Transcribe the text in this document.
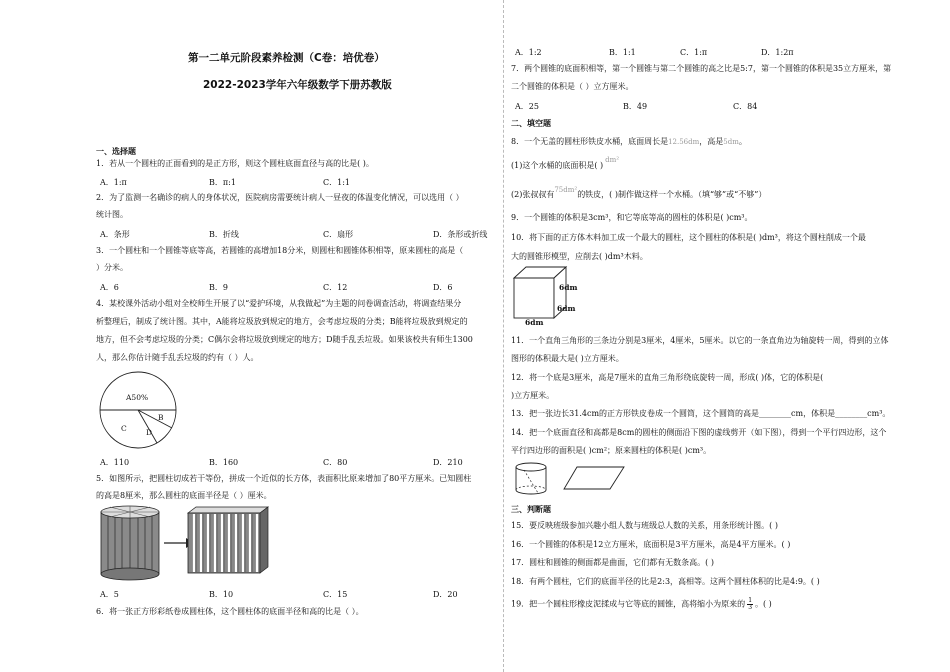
第一二单元阶段素养检测（C卷：培优卷）
2022-2023学年六年级数学下册苏教版
一、选择题
1．若从一个圆柱的正面看到的是正方形，则这个圆柱底面直径与高的比是( )。
A．1:π	B．π:1	C．1:1
2．为了监测一名确诊的病人的身体状况，医院病房需要统计病人一昼夜的体温变化情况，可以选用（ ）
统计图。
A．条形	B．折线	C．扇形	D．条形或折线
3．一个圆柱和一个圆锥等底等高，若圆锥的高增加18分米，则圆柱和圆锥体积相等，原来圆柱的高是（
）分米。
A．6	B．9	C．12	D．6
4．某校课外活动小组对全校师生开展了以“爱护环境，从我做起”为主题的问卷调查活动，将调查结果分
析整理后，制成了统计图。其中，A能将垃圾放到规定的地方，会考虑垃圾的分类；B能将垃圾放到规定的
地方，但不会考虑垃圾的分类；C偶尔会将垃圾放到规定的地方；D随手乱丢垃圾。如果该校共有师生1300
人，那么你估计随手乱丢垃圾的约有（ ）人。
A50%
B
C	D
A．110	B．160	C．80	D．210
5．如图所示，把圆柱切成若干等份，拼成一个近似的长方体，表面积比原来增加了80平方厘米。已知圆柱
的高是8厘米，那么圆柱的底面半径是（ ）厘米。
A．5	B．10	C．15	D．20
6．将一张正方形彩纸卷成圆柱体，这个圆柱体的底面半径和高的比是（ ）。
A．1:2	B．1:1	C．1:π	D．1:2π
7．两个圆锥的底面积相等，第一个圆锥与第二个圆锥的高之比是5:7，第一个圆锥的体积是35立方厘米，第
二个圆锥的体积是（ ）立方厘米。
A．25	B．49	C．84
二、填空题
8．一个无盖的圆柱形铁皮水桶，底面周长是12.56dm，高是5dm。
(1)这个水桶的底面积是( )dm²
(2)张叔叔有75dm²的铁皮，( )制作做这样一个水桶。（填“够”或“不够”）
9．一个圆锥的体积是3cm³，和它等底等高的圆柱的体积是( )cm³。
10．将下面的正方体木料加工成一个最大的圆柱，这个圆柱的体积是( )dm³，将这个圆柱削成一个最
大的圆锥形模型，应削去( )dm³木料。
6dm
6dm
6dm
11．一个直角三角形的三条边分别是3厘米，4厘米，5厘米。以它的一条直角边为轴旋转一周，得到的立体
图形的体积最大是( )立方厘米。
12．将一个底是3厘米，高是7厘米的直角三角形绕底旋转一周，形成( )体，它的体积是(
)立方厘米。
13．把一张边长31.4cm的正方形铁皮卷成一个圆筒，这个圆筒的高是________cm，体积是________cm³。
14．把一个底面直径和高都是8cm的圆柱的侧面沿下图的虚线剪开（如下图），得到一个平行四边形，这个
平行四边形的面积是( )cm²；原来圆柱的体积是( )cm³。
三、判断题
15．要反映班级参加兴趣小组人数与班级总人数的关系，用条形统计图。( )
16．一个圆锥的体积是12立方厘米，底面积是3平方厘米，高是4平方厘米。( )
17．圆柱和圆锥的侧面都是曲面，它们都有无数条高。( )
18．有两个圆柱，它们的底面半径的比是2:3，高相等。这两个圆柱体积的比是4:9。( )
19．把一个圆柱形橡皮泥揉成与它等底的圆锥，高将缩小为原来的 $\frac{1}{3}$ 。( )
